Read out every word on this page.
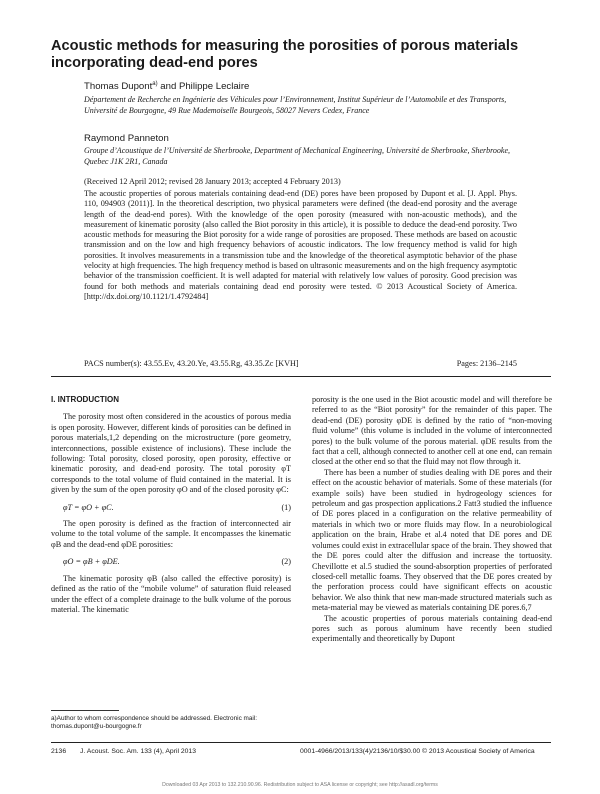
Acoustic methods for measuring the porosities of porous materials incorporating dead-end pores
Thomas Dupont$^{a)}$ and Philippe Leclaire
Département de Recherche en Ingénierie des Véhicules pour l’Environnement, Institut Supérieur de l’Automobile et des Transports, Université de Bourgogne, 49 Rue Mademoiselle Bourgeois, 58027 Nevers Cedex, France
Raymond Panneton
Groupe d’Acoustique de l’Université de Sherbrooke, Department of Mechanical Engineering, Université de Sherbrooke, Sherbrooke, Quebec J1K 2R1, Canada
(Received 12 April 2012; revised 28 January 2013; accepted 4 February 2013)

The acoustic properties of porous materials containing dead-end (DE) pores have been proposed by Dupont et al. [J. Appl. Phys. 110, 094903 (2011)]. In the theoretical description, two physical parameters were defined (the dead-end porosity and the average length of the dead-end pores). With the knowledge of the open porosity (measured with non-acoustic methods), and the measurement of kinematic porosity (also called the Biot porosity in this article), it is possible to deduce the dead-end porosity. Two acoustic methods for measuring the Biot porosity for a wide range of porosities are proposed. These methods are based on acoustic transmission and on the low and high frequency behaviors of acoustic indicators. The low frequency method is valid for high porosities. It involves measurements in a transmission tube and the knowledge of the theoretical asymptotic behavior of the phase velocity at high frequencies. The high frequency method is based on ultrasonic measurements and on the high frequency asymptotic behavior of the transmission coefficient. It is well adapted for material with relatively low values of porosity. Good precision was found for both methods and materials containing dead end porosity were tested. © 2013 Acoustical Society of America. [http://dx.doi.org/10.1121/1.4792484]

PACS number(s): 43.55.Ev, 43.20.Ye, 43.55.Rg, 43.35.Zc [KVH]	Pages: 2136–2145
I. INTRODUCTION

The porosity most often considered in the acoustics of porous media is open porosity. However, different kinds of porosities can be defined in porous materials,1,2 depending on the microstructure (pore geometry, interconnections, possible existence of inclusions). These include the following: Total porosity, closed porosity, open porosity, effective or kinematic porosity, and dead-end porosity. The total porosity φT corresponds to the total volume of fluid contained in the material. It is given by the sum of the open porosity φO and of the closed porosity φC:

φT = φO + φC.	(1)

The open porosity is defined as the fraction of interconnected air volume to the total volume of the sample. It encompasses the kinematic φB and the dead-end φDE porosities:

φO = φB + φDE.	(2)

The kinematic porosity φB (also called the effective porosity) is defined as the ratio of the “mobile volume” of saturation fluid released under the effect of a complete drainage to the bulk volume of the porous material. The kinematic

porosity is the one used in the Biot acoustic model and will therefore be referred to as the “Biot porosity” for the remainder of this paper. The dead-end (DE) porosity φDE is defined by the ratio of “non-moving fluid volume” (this volume is included in the volume of interconnected pores) to the bulk volume of the porous material. φDE results from the fact that a cell, although connected to another cell at one end, can remain closed at the other end so that the fluid may not flow through it.

There has been a number of studies dealing with DE pores and their effect on the acoustic behavior of materials. Some of these materials (for example soils) have been studied in hydrogeology sciences for petroleum and gas prospection applications.2 Fatt3 studied the influence of DE pores placed in a configuration on the relative permeability of materials in which two or more fluids may flow. In a neurobiological application on the brain, Hrabe et al.4 noted that DE pores and DE volumes could exist in extracellular space of the brain. They showed that the DE pores could alter the diffusion and increase the tortuosity. Chevillotte et al.5 studied the sound-absorption properties of perforated closed-cell metallic foams. They observed that the DE pores created by the perforation process could have significant effects on acoustic behavior. We also think that new man-made structured materials such as meta-material may be viewed as materials containing DE pores.6,7

The acoustic properties of porous materials containing dead-end pores such as porous aluminum have recently been studied experimentally and theoretically by Dupont

a)Author to whom correspondence should be addressed. Electronic mail: thomas.dupont@u-bourgogne.fr
2136 J. Acoust. Soc. Am. 133 (4), April 2013	0001-4966/2013/133(4)/2136/10/$30.00 © 2013 Acoustical Society of America
Downloaded 03 Apr 2013 to 132.210.90.96. Redistribution subject to ASA license or copyright; see http://asadl.org/terms
